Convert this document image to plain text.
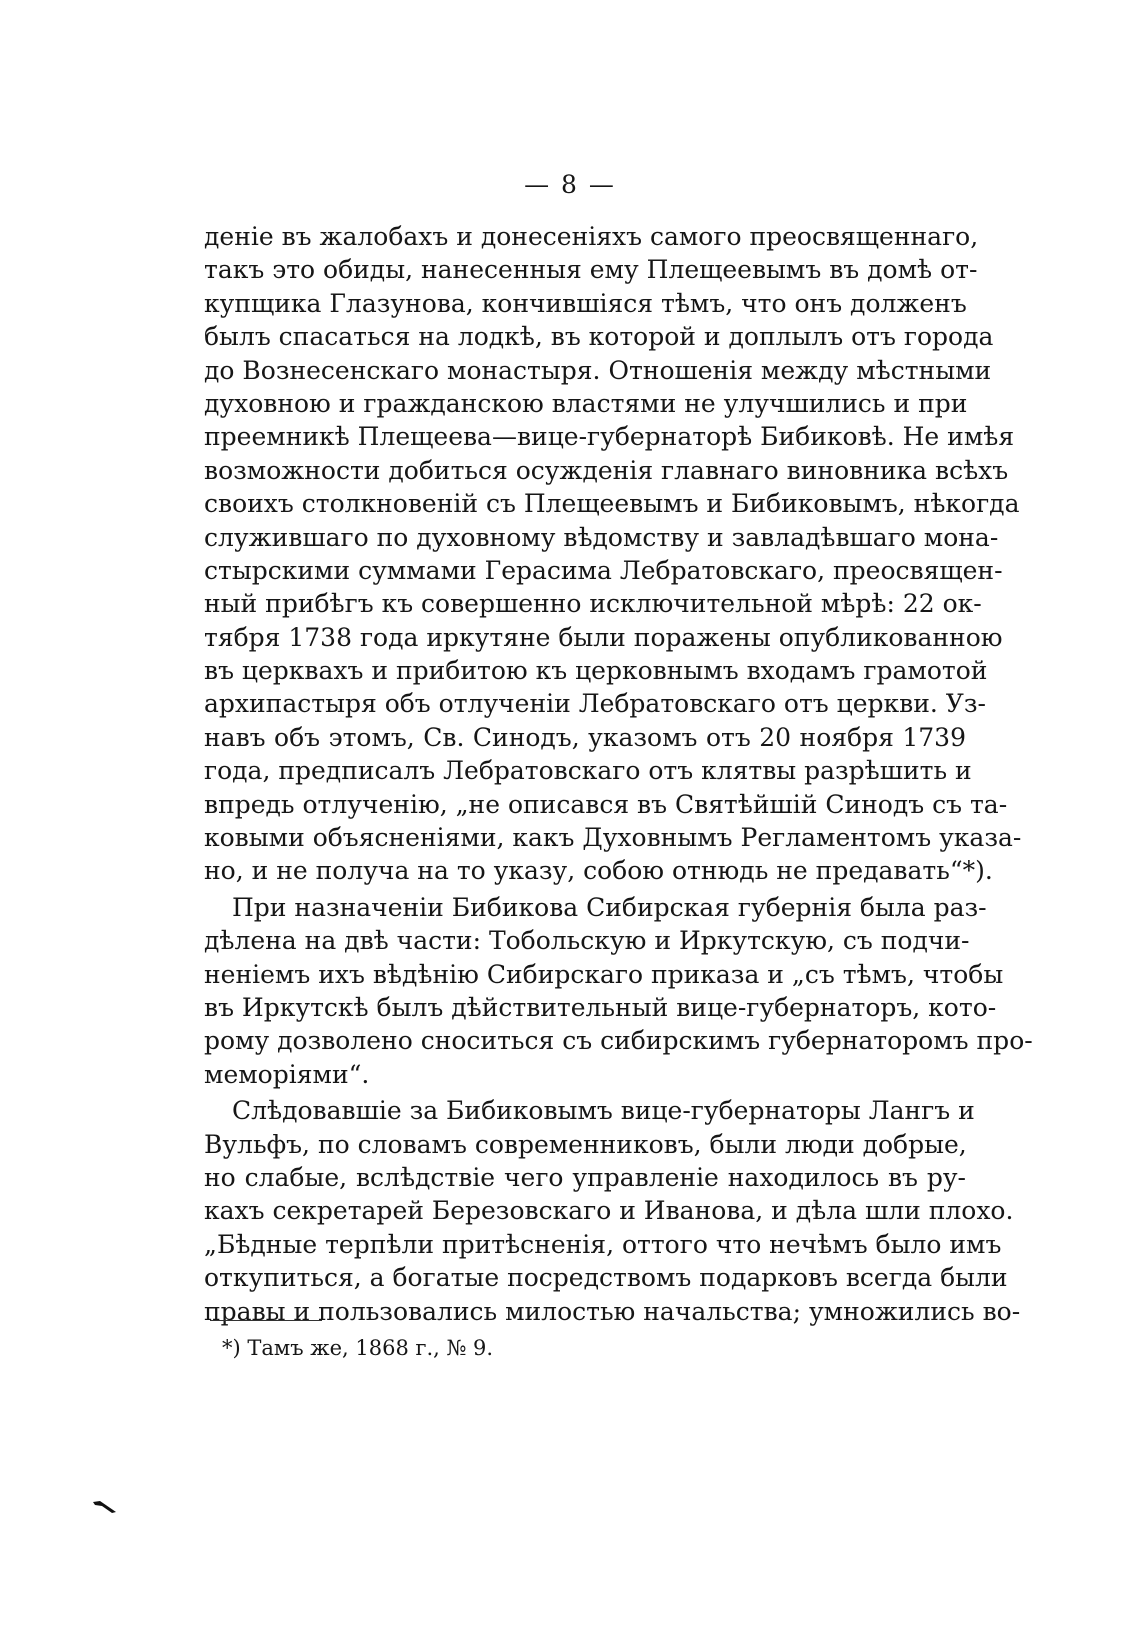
— 8 —
деніе въ жалобахъ и донесеніяхъ самого преосвященнаго,
такъ это обиды, нанесенныя ему Плещеевымъ въ домѣ от-
купщика Глазунова, кончившіяся тѣмъ, что онъ долженъ
былъ спасаться на лодкѣ, въ которой и доплылъ отъ города
до Вознесенскаго монастыря. Отношенія между мѣстными
духовною и гражданскою властями не улучшились и при
преемникѣ Плещеева—вице-губернаторѣ Бибиковѣ. Не имѣя
возможности добиться осужденія главнаго виновника всѣхъ
своихъ столкновеній съ Плещеевымъ и Бибиковымъ, нѣкогда
служившаго по духовному вѣдомству и завладѣвшаго мона-
стырскими суммами Герасима Лебратовскаго, преосвящен-
ный прибѣгъ къ совершенно исключительной мѣрѣ: 22 ок-
тября 1738 года иркутяне были поражены опубликованною
въ церквахъ и прибитою къ церковнымъ входамъ грамотой
архипастыря объ отлученіи Лебратовскаго отъ церкви. Уз-
навъ объ этомъ, Св. Синодъ, указомъ отъ 20 ноября 1739
года, предписалъ Лебратовскаго отъ клятвы разрѣшить и
впредь отлученію, „не описався въ Святѣйшій Синодъ съ та-
ковыми объясненіями, какъ Духовнымъ Регламентомъ указа-
но, и не получа на то указу, собою отнюдь не предавать“*).
При назначеніи Бибикова Сибирская губернія была раз-
дѣлена на двѣ части: Тобольскую и Иркутскую, съ подчи-
неніемъ ихъ вѣдѣнію Сибирскаго приказа и „съ тѣмъ, чтобы
въ Иркутскѣ былъ дѣйствительный вице-губернаторъ, кото-
рому дозволено сноситься съ сибирскимъ губернаторомъ про-
меморіями“.
Слѣдовавшіе за Бибиковымъ вице-губернаторы Лангъ и
Вульфъ, по словамъ современниковъ, были люди добрые,
но слабые, вслѣдствіе чего управленіе находилось въ ру-
кахъ секретарей Березовскаго и Иванова, и дѣла шли плохо.
„Бѣдные терпѣли притѣсненія, оттого что нечѣмъ было имъ
откупиться, а богатые посредствомъ подарковъ всегда были
правы и пользовались милостью начальства; умножились во-
*) Тамъ же, 1868 г., № 9.
